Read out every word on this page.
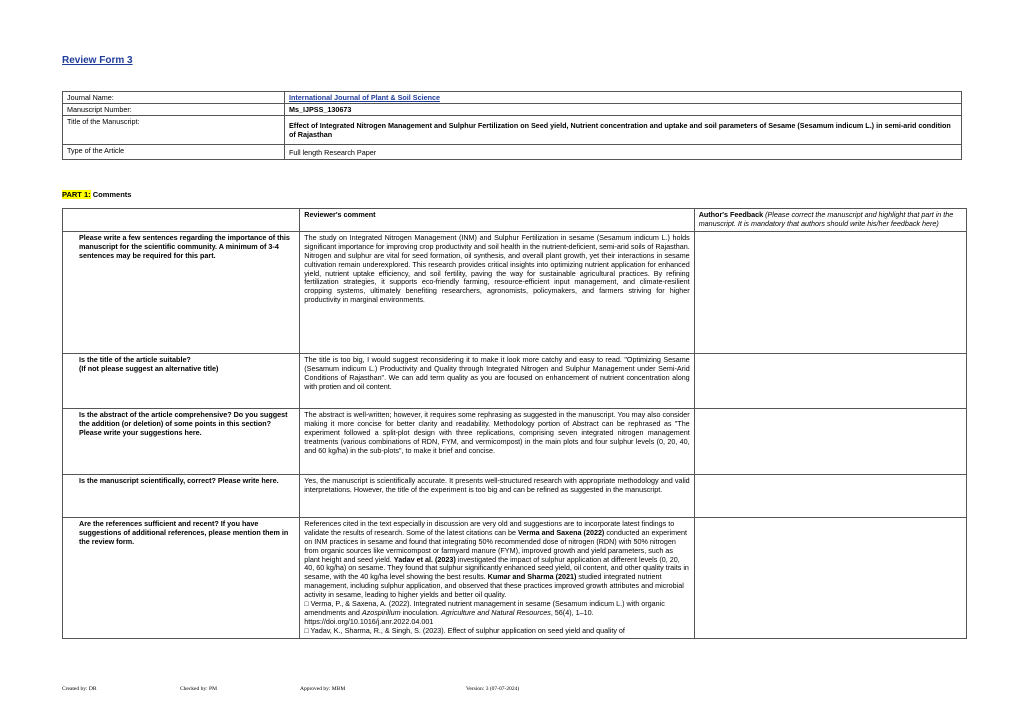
Review Form 3
Journal Name:	International Journal of Plant & Soil Science
Manuscript Number:	Ms_IJPSS_130673
Title of the Manuscript:	Effect of Integrated Nitrogen Management and Sulphur Fertilization on Seed yield, Nutrient concentration and uptake and soil parameters of Sesame (Sesamum indicum L.) in semi-arid condition of Rajasthan
Type of the Article	Full length Research Paper
PART 1: Comments
	Reviewer's comment	Author's Feedback (Please correct the manuscript and highlight that part in the manuscript. It is mandatory that authors should write his/her feedback here)
Please write a few sentences regarding the importance of this manuscript for the scientific community. A minimum of 3-4 sentences may be required for this part.	The study on Integrated Nitrogen Management (INM) and Sulphur Fertilization in sesame (Sesamum indicum L.) holds significant importance for improving crop productivity and soil health in the nutrient-deficient, semi-arid soils of Rajasthan. Nitrogen and sulphur are vital for seed formation, oil synthesis, and overall plant growth, yet their interactions in sesame cultivation remain underexplored. This research provides critical insights into optimizing nutrient application for enhanced yield, nutrient uptake efficiency, and soil fertility, paving the way for sustainable agricultural practices. By refining fertilization strategies, it supports eco-friendly farming, resource-efficient input management, and climate-resilient cropping systems, ultimately benefiting researchers, agronomists, policymakers, and farmers striving for higher productivity in marginal environments.	
Is the title of the article suitable?
(If not please suggest an alternative title)	The title is too big, I would suggest reconsidering it to make it look more catchy and easy to read. "Optimizing Sesame (Sesamum indicum L.) Productivity and Quality through Integrated Nitrogen and Sulphur Management under Semi-Arid Conditions of Rajasthan". We can add term quality as you are focused on enhancement of nutrient concentration along with protien and oil content.	
Is the abstract of the article comprehensive? Do you suggest the addition (or deletion) of some points in this section? Please write your suggestions here.	The abstract is well-written; however, it requires some rephrasing as suggested in the manuscript. You may also consider making it more concise for better clarity and readability. Methodology portion of Abstract can be rephrased as "The experiment followed a split-plot design with three replications, comprising seven integrated nitrogen management treatments (various combinations of RDN, FYM, and vermicompost) in the main plots and four sulphur levels (0, 20, 40, and 60 kg/ha) in the sub-plots", to make it brief and concise.	
Is the manuscript scientifically, correct? Please write here.	Yes, the manuscript is scientifically accurate. It presents well-structured research with appropriate methodology and valid interpretations. However, the title of the experiment is too big and can be refined as suggested in the manuscript.	
Are the references sufficient and recent? If you have suggestions of additional references, please mention them in the review form.	References cited in the text especially in discussion are very old and suggestions are to incorporate latest findings to validate the results of research. Some of the latest citations can be Verma and Saxena (2022) conducted an experiment on INM practices in sesame and found that integrating 50% recommended dose of nitrogen (RDN) with 50% nitrogen from organic sources like vermicompost or farmyard manure (FYM), improved growth and yield parameters, such as plant height and seed yield. Yadav et al. (2023) investigated the impact of sulphur application at different levels (0, 20, 40, 60 kg/ha) on sesame. They found that sulphur significantly enhanced seed yield, oil content, and other quality traits in sesame, with the 40 kg/ha level showing the best results. Kumar and Sharma (2021) studied integrated nutrient management, including sulphur application, and observed that these practices improved growth attributes and microbial activity in sesame, leading to higher yields and better oil quality.
□ Verma, P., & Saxena, A. (2022). Integrated nutrient management in sesame (Sesamum indicum L.) with organic amendments and Azospirillum inoculation. Agriculture and Natural Resources, 56(4), 1–10. https://doi.org/10.1016/j.anr.2022.04.001
□ Yadav, K., Sharma, R., & Singh, S. (2023). Effect of sulphur application on seed yield and quality of	

Created by: DR	Checked by: PM	Approved by: MBM	Version: 3 (07-07-2024)
